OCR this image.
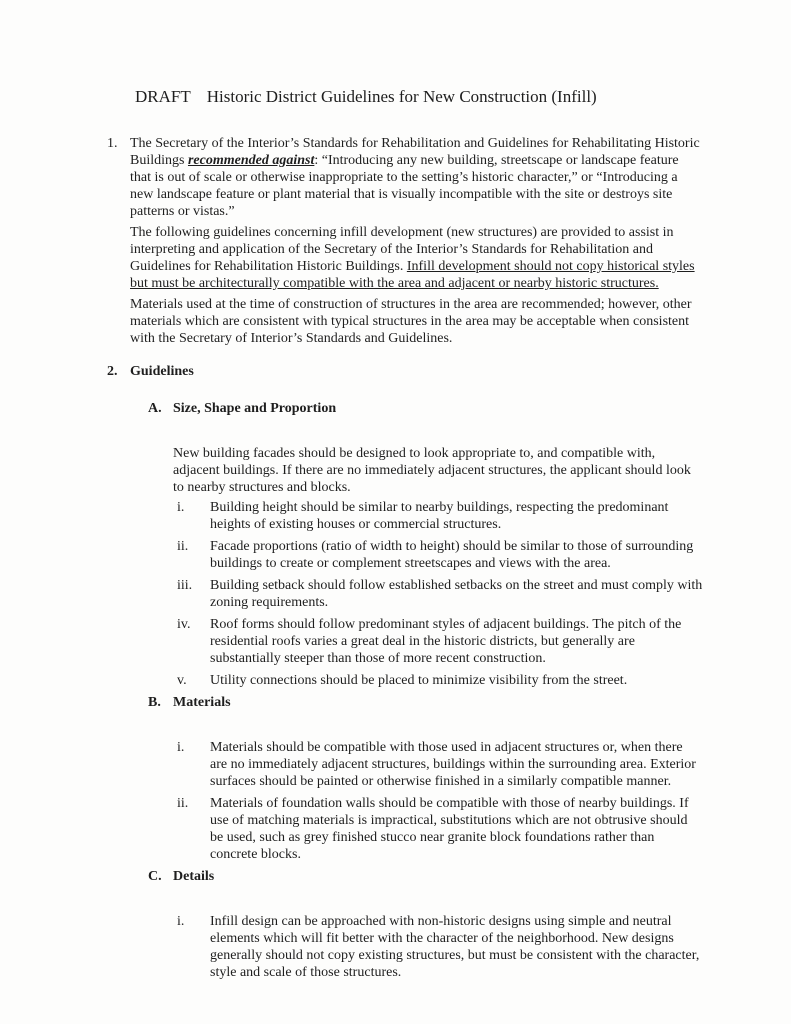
DRAFT Historic District Guidelines for New Construction (Infill)
1. The Secretary of the Interior’s Standards for Rehabilitation and Guidelines for Rehabilitating Historic Buildings recommended against: “Introducing any new building, streetscape or landscape feature that is out of scale or otherwise inappropriate to the setting’s historic character,” or “Introducing a new landscape feature or plant material that is visually incompatible with the site or destroys site patterns or vistas.”

The following guidelines concerning infill development (new structures) are provided to assist in interpreting and application of the Secretary of the Interior’s Standards for Rehabilitation and Guidelines for Rehabilitation Historic Buildings. Infill development should not copy historical styles but must be architecturally compatible with the area and adjacent or nearby historic structures.

Materials used at the time of construction of structures in the area are recommended; however, other materials which are consistent with typical structures in the area may be acceptable when consistent with the Secretary of Interior’s Standards and Guidelines.

2. Guidelines

A. Size, Shape and Proportion

New building facades should be designed to look appropriate to, and compatible with, adjacent buildings. If there are no immediately adjacent structures, the applicant should look to nearby structures and blocks.

i.	Building height should be similar to nearby buildings, respecting the predominant heights of existing houses or commercial structures.
ii.	Facade proportions (ratio of width to height) should be similar to those of surrounding buildings to create or complement streetscapes and views with the area.
iii.	Building setback should follow established setbacks on the street and must comply with zoning requirements.
iv.	Roof forms should follow predominant styles of adjacent buildings. The pitch of the residential roofs varies a great deal in the historic districts, but generally are substantially steeper than those of more recent construction.
v.	Utility connections should be placed to minimize visibility from the street.
B. Materials
i.	Materials should be compatible with those used in adjacent structures or, when there are no immediately adjacent structures, buildings within the surrounding area. Exterior surfaces should be painted or otherwise finished in a similarly compatible manner.
ii.	Materials of foundation walls should be compatible with those of nearby buildings. If use of matching materials is impractical, substitutions which are not obtrusive should be used, such as grey finished stucco near granite block foundations rather than concrete blocks.
C. Details
i.	Infill design can be approached with non-historic designs using simple and neutral elements which will fit better with the character of the neighborhood. New designs generally should not copy existing structures, but must be consistent with the character, style and scale of those structures.
